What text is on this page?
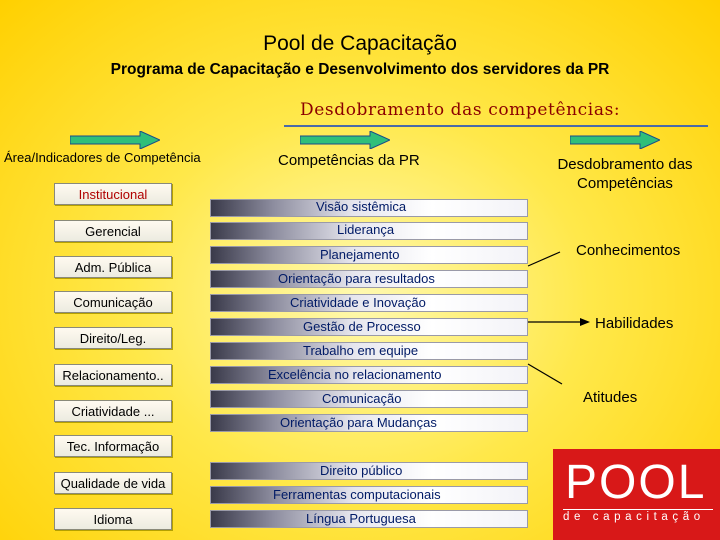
Pool de Capacitação
Programa de Capacitação e Desenvolvimento dos servidores da PR
Desdobramento das competências:
Área/Indicadores de Competência	Competências da PR	Desdobramento das
Competências
Institucional
Gerencial
Adm. Pública
Comunicação
Direito/Leg.
Relacionamento..
Criatividade ...
Tec. Informação
Qualidade de vida
Idioma
Visão sistêmica
Liderança
Planejamento
Orientação para resultados
Criatividade e Inovação
Gestão de Processo
Trabalho em equipe
Excelência no relacionamento
Comunicação
Orientação para Mudanças
Direito público
Ferramentas computacionais
Língua Portuguesa
Conhecimentos
Habilidades
Atitudes
POOL
de capacitação
